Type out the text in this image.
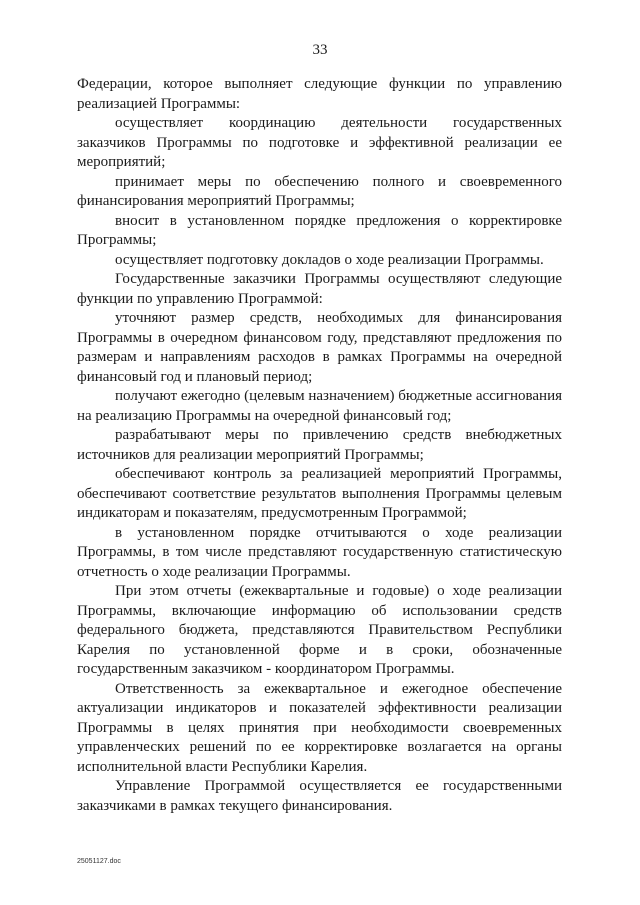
33

Федерации, которое выполняет следующие функции по управлению реализацией Программы:

осуществляет координацию деятельности государственных заказчиков Программы по подготовке и эффективной реализации ее мероприятий;

принимает меры по обеспечению полного и своевременного финансирования мероприятий Программы;

вносит в установленном порядке предложения о корректировке Программы;

осуществляет подготовку докладов о ходе реализации Программы.

Государственные заказчики Программы осуществляют следующие функции по управлению Программой:

уточняют размер средств, необходимых для финансирования Программы в очередном финансовом году, представляют предложения по размерам и направлениям расходов в рамках Программы на очередной финансовый год и плановый период;

получают ежегодно (целевым назначением) бюджетные ассигнования на реализацию Программы на очередной финансовый год;

разрабатывают меры по привлечению средств внебюджетных источников для реализации мероприятий Программы;

обеспечивают контроль за реализацией мероприятий Программы, обеспечивают соответствие результатов выполнения Программы целевым индикаторам и показателям, предусмотренным Программой;

в установленном порядке отчитываются о ходе реализации Программы, в том числе представляют государственную статистическую отчетность о ходе реализации Программы.

При этом отчеты (ежеквартальные и годовые) о ходе реализации Программы, включающие информацию об использовании средств федерального бюджета, представляются Правительством Республики Карелия по установленной форме и в сроки, обозначенные государственным заказчиком - координатором Программы.

Ответственность за ежеквартальное и ежегодное обеспечение актуализации индикаторов и показателей эффективности реализации Программы в целях принятия при необходимости своевременных управленческих решений по ее корректировке возлагается на органы исполнительной власти Республики Карелия.

Управление Программой осуществляется ее государственными заказчиками в рамках текущего финансирования.

25051127.doc
